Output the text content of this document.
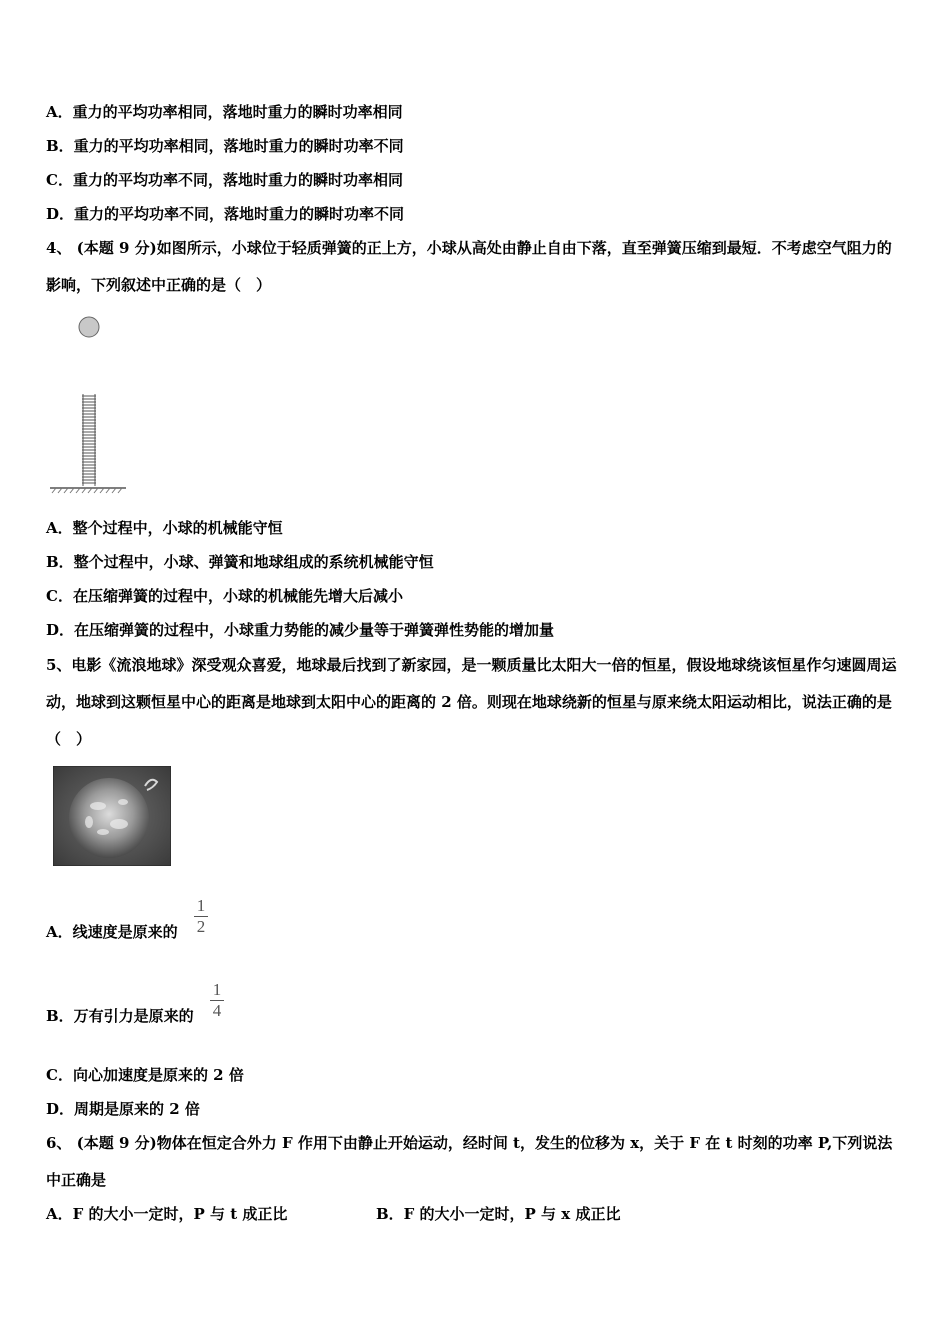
A．重力的平均功率相同，落地时重力的瞬时功率相同
B．重力的平均功率相同，落地时重力的瞬时功率不同
C．重力的平均功率不同，落地时重力的瞬时功率相同
D．重力的平均功率不同，落地时重力的瞬时功率不同
4、 (本题 9 分)如图所示，小球位于轻质弹簧的正上方，小球从高处由静止自由下落，直至弹簧压缩到最短．不考虑空气阻力的影响，下列叙述中正确的是（　）
A．整个过程中，小球的机械能守恒
B．整个过程中，小球、弹簧和地球组成的系统机械能守恒
C．在压缩弹簧的过程中，小球的机械能先增大后减小
D．在压缩弹簧的过程中，小球重力势能的减少量等于弹簧弹性势能的增加量
5、电影《流浪地球》深受观众喜爱，地球最后找到了新家园，是一颗质量比太阳大一倍的恒星，假设地球绕该恒星作匀速圆周运动，地球到这颗恒星中心的距离是地球到太阳中心的距离的 2 倍。则现在地球绕新的恒星与原来绕太阳运动相比，说法正确的是（　）
A．线速度是原来的
1
2
B．万有引力是原来的
1
4
C．向心加速度是原来的 2 倍
D．周期是原来的 2 倍
6、 (本题 9 分)物体在恒定合外力 F 作用下由静止开始运动，经时间 t，发生的位移为 x，关于 F 在 t 时刻的功率 P,下列说法中正确是
A．F 的大小一定时，P 与 t 成正比	B．F 的大小一定时，P 与 x 成正比
